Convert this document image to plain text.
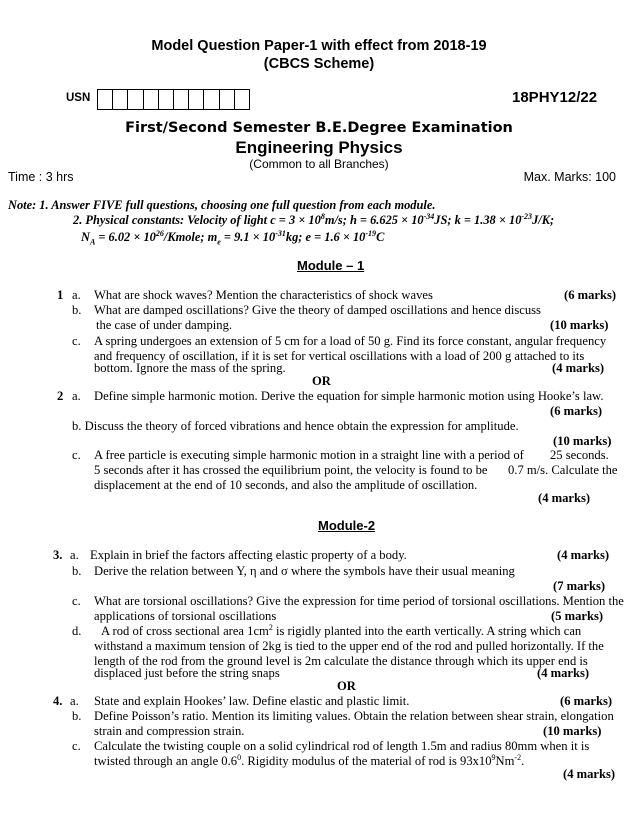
Model Question Paper-1 with effect from 2018-19
(CBCS Scheme)
USN	18PHY12/22
First/Second Semester B.E.Degree Examination
Engineering Physics
(Common to all Branches)
Time : 3 hrs	Max. Marks: 100
Note: 1. Answer FIVE full questions, choosing one full question from each module.
2. Physical constants: Velocity of light $c = 3 \times 10^8m/s$; $h = 6.625 \times 10^{-34}JS$; $k = 1.38 \times 10^{-23}J/K$;
$N_A = 6.02$ × $10^{26}$/Kmole; $m_e = 9.1 \times 10^{-31}kg$; $e = 1.6 \times 10^{-19}C$
Module – 1
1 a. What are shock waves? Mention the characteristics of shock waves	(6 marks)
b. What are damped oscillations? Give the theory of damped oscillations and hence discuss
the case of under damping.	(10 marks)
c. A spring undergoes an extension of 5 cm for a load of 50 g. Find its force constant, angular frequency
and frequency of oscillation, if it is set for vertical oscillations with a load of 200 g attached to its
bottom. Ignore the mass of the spring.	(4 marks)
OR
2 a. Define simple harmonic motion. Derive the equation for simple harmonic motion using Hooke’s law.
(6 marks)
b. Discuss the theory of forced vibrations and hence obtain the expression for amplitude.
(10 marks)
c. A free particle is executing simple harmonic motion in a straight line with a period of 25 seconds.
5 seconds after it has crossed the equilibrium point, the velocity is found to be 0.7 m/s. Calculate the
displacement at the end of 10 seconds, and also the amplitude of oscillation.
(4 marks)
Module-2
3. a. Explain in brief the factors affecting elastic property of a body.	(4 marks)
b. Derive the relation between Y, η and σ where the symbols have their usual meaning
(7 marks)
c. What are torsional oscillations? Give the expression for time period of torsional oscillations. Mention the
applications of torsional oscillations	(5 marks)
d. A rod of cross sectional area $1cm^2$ is rigidly planted into the earth vertically. A string which can
withstand a maximum tension of 2kg is tied to the upper end of the rod and pulled horizontally. If the
length of the rod from the ground level is 2m calculate the distance through which its upper end is
displaced just before the string snaps	(4 marks)
OR
4. a. State and explain Hookes’ law. Define elastic and plastic limit.	(6 marks)
b. Define Poisson’s ratio. Mention its limiting values. Obtain the relation between shear strain, elongation
strain and compression strain.	(10 marks)
c. Calculate the twisting couple on a solid cylindrical rod of length 1.5m and radius 80mm when it is
twisted through an angle $0.6^0$. Rigidity modulus of the material of rod is $93x10^9Nm^{-2}$.
(4 marks)
